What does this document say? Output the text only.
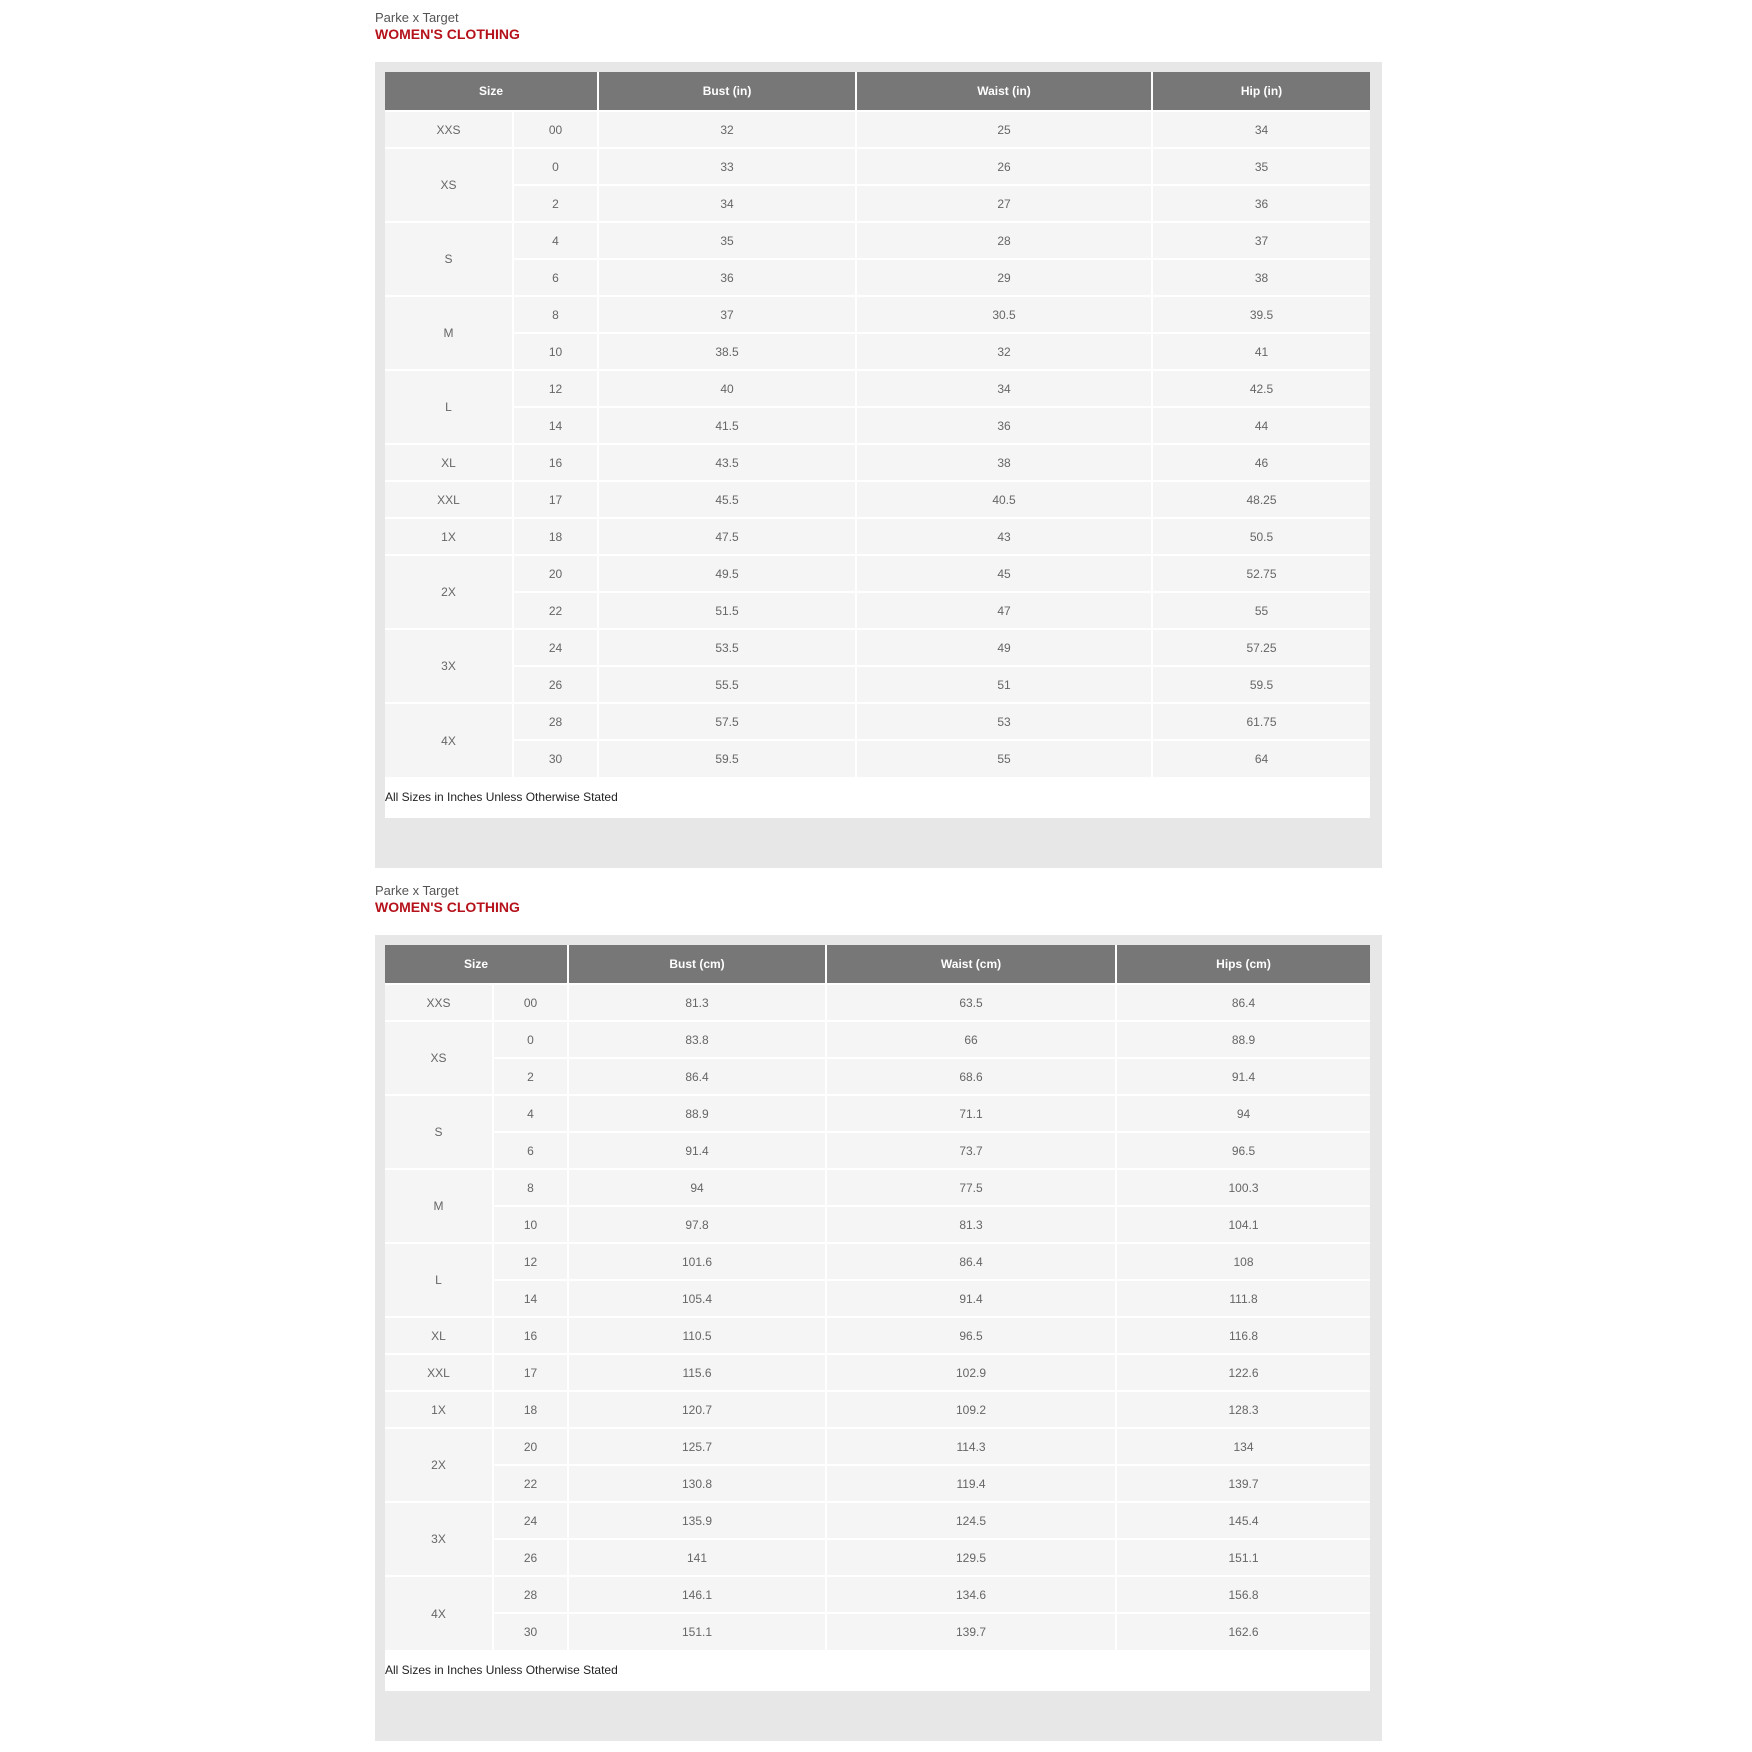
Parke x Target
WOMEN'S CLOTHING
Size		Bust (in)	Waist (in)	Hip (in)
XXS	00	32	25	34
XS	0	33	26	35
	2	34	27	36
S	4	35	28	37
	6	36	29	38
M	8	37	30.5	39.5
	10	38.5	32	41
L	12	40	34	42.5
	14	41.5	36	44
XL	16	43.5	38	46
XXL	17	45.5	40.5	48.25
1X	18	47.5	43	50.5
2X	20	49.5	45	52.75
	22	51.5	47	55
3X	24	53.5	49	57.25
	26	55.5	51	59.5
4X	28	57.5	53	61.75
	30	59.5	55	64
All Sizes in Inches Unless Otherwise Stated
Parke x Target
WOMEN'S CLOTHING
Size		Bust (cm)	Waist (cm)	Hips (cm)
XXS	00	81.3	63.5	86.4
XS	0	83.8	66	88.9
	2	86.4	68.6	91.4
S	4	88.9	71.1	94
	6	91.4	73.7	96.5
M	8	94	77.5	100.3
	10	97.8	81.3	104.1
L	12	101.6	86.4	108
	14	105.4	91.4	111.8
XL	16	110.5	96.5	116.8
XXL	17	115.6	102.9	122.6
1X	18	120.7	109.2	128.3
2X	20	125.7	114.3	134
	22	130.8	119.4	139.7
3X	24	135.9	124.5	145.4
	26	141	129.5	151.1
4X	28	146.1	134.6	156.8
	30	151.1	139.7	162.6
All Sizes in Inches Unless Otherwise Stated
